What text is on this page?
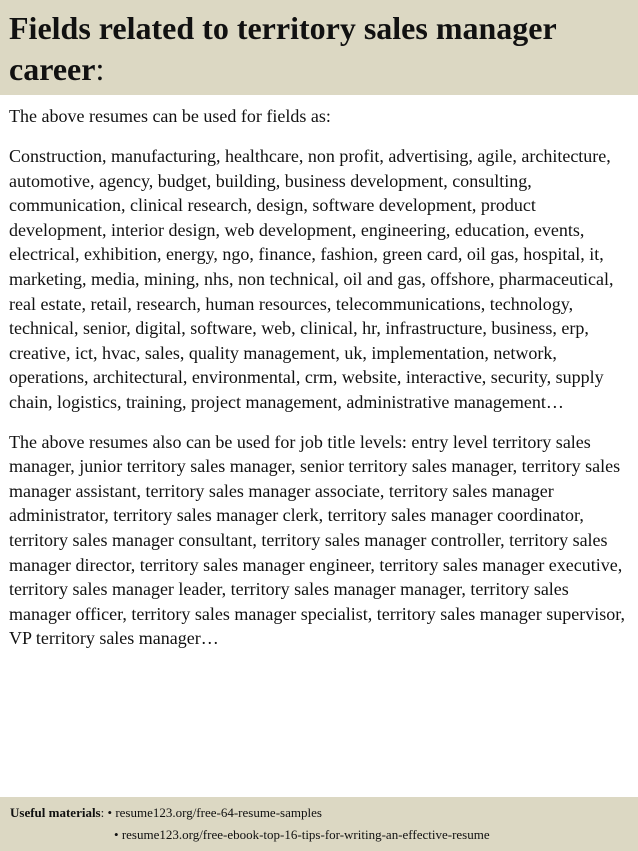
Fields related to territory sales manager career:

The above resumes can be used for fields as:

Construction, manufacturing, healthcare, non profit, advertising, agile, architecture, automotive, agency, budget, building, business development, consulting, communication, clinical research, design, software development, product development, interior design, web development, engineering, education, events, electrical, exhibition, energy, ngo, finance, fashion, green card, oil gas, hospital, it, marketing, media, mining, nhs, non technical, oil and gas, offshore, pharmaceutical, real estate, retail, research, human resources, telecommunications, technology, technical, senior, digital, software, web, clinical, hr, infrastructure, business, erp, creative, ict, hvac, sales, quality management, uk, implementation, network, operations, architectural, environmental, crm, website, interactive, security, supply chain, logistics, training, project management, administrative management…

The above resumes also can be used for job title levels: entry level territory sales manager, junior territory sales manager, senior territory sales manager, territory sales manager assistant, territory sales manager associate, territory sales manager administrator, territory sales manager clerk, territory sales manager coordinator, territory sales manager consultant, territory sales manager controller, territory sales manager director, territory sales manager engineer, territory sales manager executive, territory sales manager leader, territory sales manager manager, territory sales manager officer, territory sales manager specialist, territory sales manager supervisor, VP territory sales manager…

Useful materials: • resume123.org/free-64-resume-samples
• resume123.org/free-ebook-top-16-tips-for-writing-an-effective-resume
